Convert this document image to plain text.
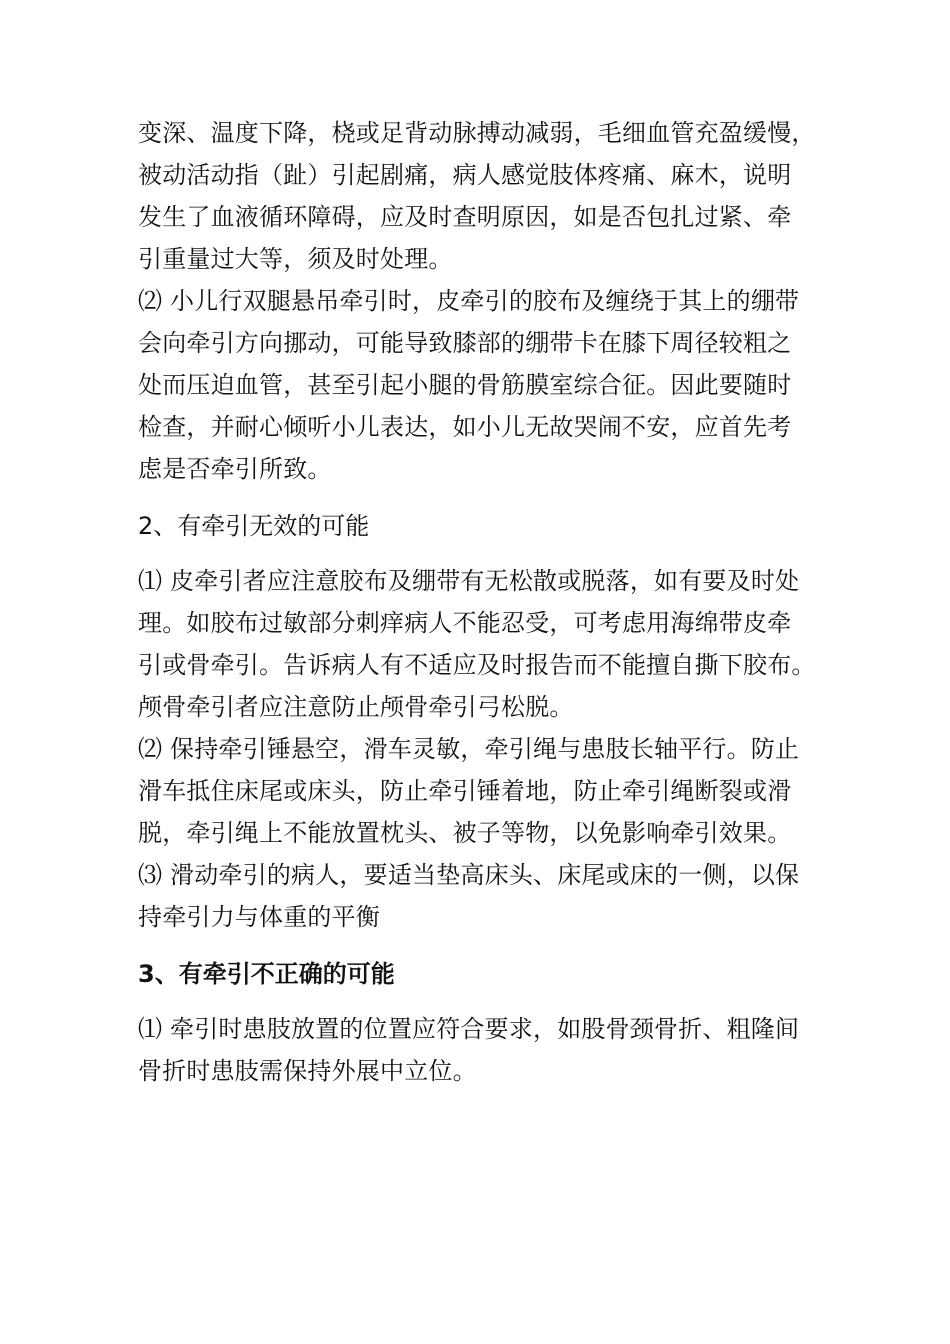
变深、温度下降，桡或足背动脉搏动减弱，毛细血管充盈缓慢，
被动活动指（趾）引起剧痛，病人感觉肢体疼痛、麻木，说明
发生了血液循环障碍，应及时查明原因，如是否包扎过紧、牵
引重量过大等，须及时处理。
⑵ 小儿行双腿悬吊牵引时，皮牵引的胶布及缠绕于其上的绷带
会向牵引方向挪动，可能导致膝部的绷带卡在膝下周径较粗之
处而压迫血管，甚至引起小腿的骨筋膜室综合征。因此要随时
检查，并耐心倾听小儿表达，如小儿无故哭闹不安，应首先考
虑是否牵引所致。
2、有牵引无效的可能
⑴ 皮牵引者应注意胶布及绷带有无松散或脱落，如有要及时处
理。如胶布过敏部分刺痒病人不能忍受，可考虑用海绵带皮牵
引或骨牵引。告诉病人有不适应及时报告而不能擅自撕下胶布。
颅骨牵引者应注意防止颅骨牵引弓松脱。
⑵ 保持牵引锤悬空，滑车灵敏，牵引绳与患肢长轴平行。防止
滑车抵住床尾或床头，防止牵引锤着地，防止牵引绳断裂或滑
脱，牵引绳上不能放置枕头、被子等物，以免影响牵引效果。
⑶ 滑动牵引的病人，要适当垫高床头、床尾或床的一侧，以保
持牵引力与体重的平衡
3、有牵引不正确的可能
⑴ 牵引时患肢放置的位置应符合要求，如股骨颈骨折、粗隆间
骨折时患肢需保持外展中立位。
